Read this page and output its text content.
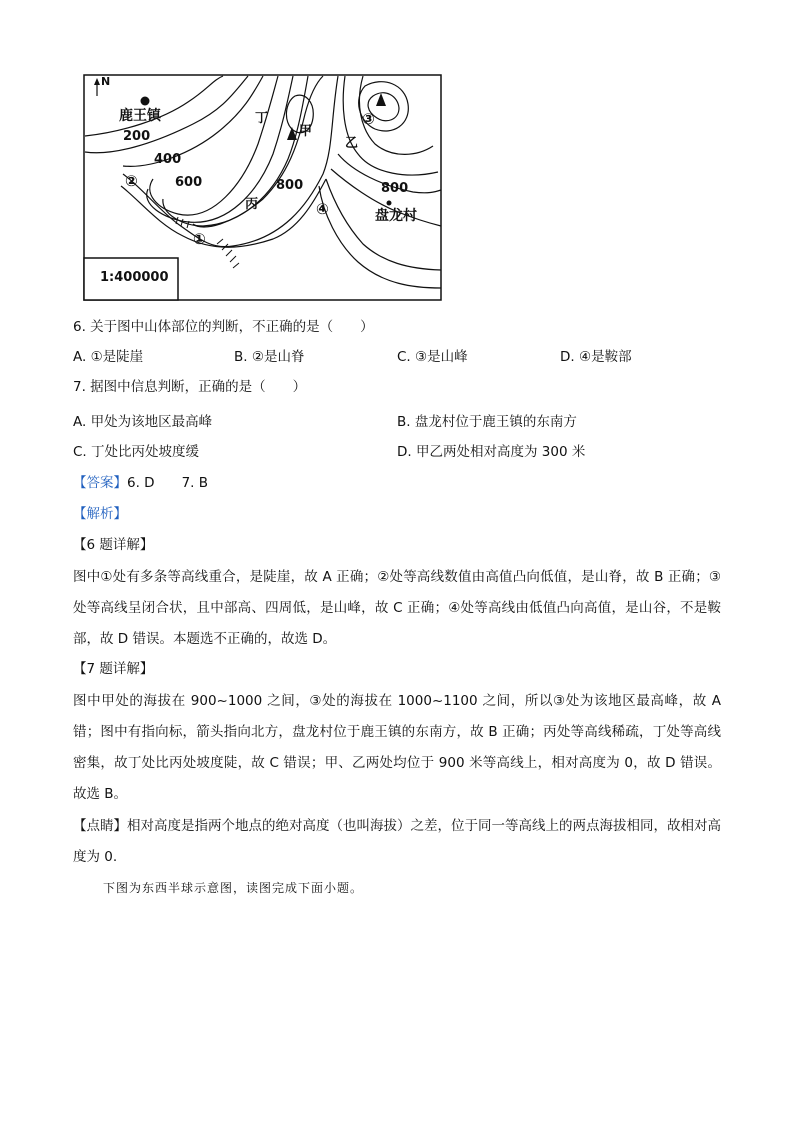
N
鹿王镇
200
400
600	800	800
盘龙村
甲
丁
乙
丙
③
②
①
④
1:400000
6. 关于图中山体部位的判断，不正确的是（　　）
A. ①是陡崖	B. ②是山脊	C. ③是山峰	D. ④是鞍部
7. 据图中信息判断，正确的是（　　）
A. 甲处为该地区最高峰	B. 盘龙村位于鹿王镇的东南方
C. 丁处比丙处坡度缓	D. 甲乙两处相对高度为 300 米
【答案】6. D　　7. B
【解析】
【6 题详解】

图中①处有多条等高线重合，是陡崖，故 A 正确；②处等高线数值由高值凸向低值，是山脊，故 B 正确；③处等高线呈闭合状，且中部高、四周低，是山峰，故 C 正确；④处等高线由低值凸向高值，是山谷，不是鞍部，故 D 错误。本题选不正确的，故选 D。

【7 题详解】

图中甲处的海拔在 900~1000 之间，③处的海拔在 1000~1100 之间，所以③处为该地区最高峰，故 A 错；图中有指向标，箭头指向北方，盘龙村位于鹿王镇的东南方，故 B 正确；丙处等高线稀疏，丁处等高线密集，故丁处比丙处坡度陡，故 C 错误；甲、乙两处均位于 900 米等高线上，相对高度为 0，故 D 错误。故选 B。

【点睛】相对高度是指两个地点的绝对高度（也叫海拔）之差，位于同一等高线上的两点海拔相同，故相对高度为 0.

下图为东西半球示意图，读图完成下面小题。
